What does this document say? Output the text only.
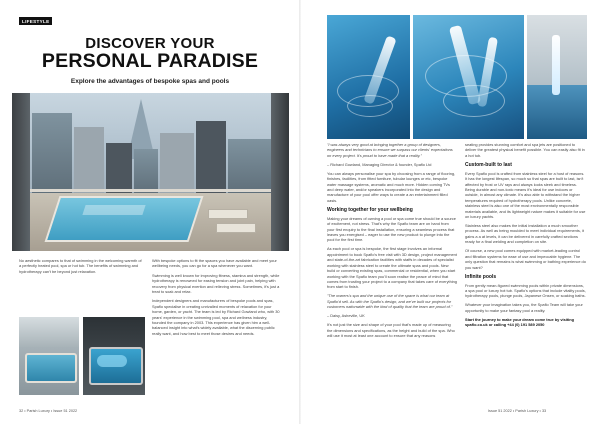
LIFESTYLE
DISCOVER YOUR
PERSONAL PARADISE
Explore the advantages of bespoke spas and pools
No aesthetic compares to that of swimming in the welcoming warmth of a perfectly heated pool, spa or hot tub. The benefits of swimming and hydrotherapy can't be beyond just relaxation.

With bespoke options to fit the spaces you have available and meet your wellbeing needs, you can go for a spa whenever you want.

Swimming is well known for improving fitness, stamina and strength, while hydrotherapy is renowned for easing tension and joint pain, helping with recovery from physical exertion and relieving stress. Sometimes, it's just a treat to soak and relax.

Independent designers and manufacturers of bespoke pools and spas, Spaflo specialise in creating unrivalled moments of relaxation for your home, garden, or yacht. The team is led by Richard Gowland who, with 30 years' experience in the swimming pool, spa and wellness industry, founded the company in 2003. This experience has given him a well-balanced insight into what's widely available, what the discerning public really want, and how best to meet those desires and needs.

32 • Parish Luxury • Issue 51 2022

"I was always very good at bringing together a group of designers, engineers and technicians to ensure we surpass our clients' expectations on every project. It's proud to have made that a reality."

– Richard Gowland, Managing Director & founder, Spaflo Ltd

You can always personalise your spa by choosing from a range of flooring, finishes, facilities, from fitted furniture, tubular lounges or etc, bespoke water massage systems, aromatic and much more. Hidden coming TVs and deep water, and/or speakers incorporated into the design and manufacture of your pool offer ways to create a an entertainment filled oasis.

Working together for your wellbeing

Making your dreams of owning a pool or spa come true should be a source of excitement, not stress. That's why the Spaflo team are on hand from your first enquiry to the final installation, ensuring a seamless process that leaves you energised – eager to use the new product to plunge into the pool for the first time.

As each pool or spa is bespoke, the first stage involves an informal appointment to book Spaflo's free visit with 3D design, project management and state-of-the-art fabrication facilities with staffs in decades of specialist working with stainless steel to create the ultimate spas and pools. New build or converting existing spas, commercial or residential, when you start working with the Spaflo team you'll soon realise the peace of mind that comes from trusting your project to a company that takes care of everything from start to finish.

"The owners's spa and the unique use of the space is what our team at Spaflo'd sell. As with the Spaflo's design, and we've built our projects for customers nationwide with the kind of quality that the team are proud of."

– Daisy, Asheville, UK

It's not just the size and shape of your pool that's made up of measuring the dimensions and specifications, as the height and build of the spa. Who will use it most at least one account to ensure that any reasons

seating provides stunning comfort and spa jets are positioned to deliver the greatest physical benefit possible. You can easily also fit in a hot tub.

Custom-built to last

Every Spaflo pool is crafted from stainless steel for a host of reasons. It has the longest lifespan, so much so that spas are built to last, isn't affected by frost or UV rays and always looks sleek and timeless. Being durable and non-toxic means it's ideal for use indoors or outside, in almost any climate. It's also able to withstand the higher temperatures required of hydrotherapy pools. Unlike concrete, stainless steel is also one of the most environmentally responsible materials available, and its lightweight nature makes it suitable for use on luxury yachts.

Stainless steel also makes the initial installation a much smoother process. As well as being moulded to meet individual requirements, it gains a a at levels, it can be delivered in carefully crafted sections ready for a final welding and completion on site.

Of course, a new pool comes equipped with market-leading control and filtration systems for ease of use and impeccable hygiene. The only question that remains is what swimming or bathing experience do you want?

Infinite pools

From gently mean-figured swimming pools within private dimensions, a spa pool or luxury hot tub. Spaflo's options that include vitality pools, hydrotherapy pools, plunge pools, Japanese Onsen, or soaking baths.

Whatever your imagination takes you, the Spaflo Team will take your opportunity to make your fantasy pool a reality.

Start the journey to make your dream come true by visiting spaflo.co.uk or calling +44 (0) 191 589 2050

Issue 51 2022 • Parish Luxury • 33
